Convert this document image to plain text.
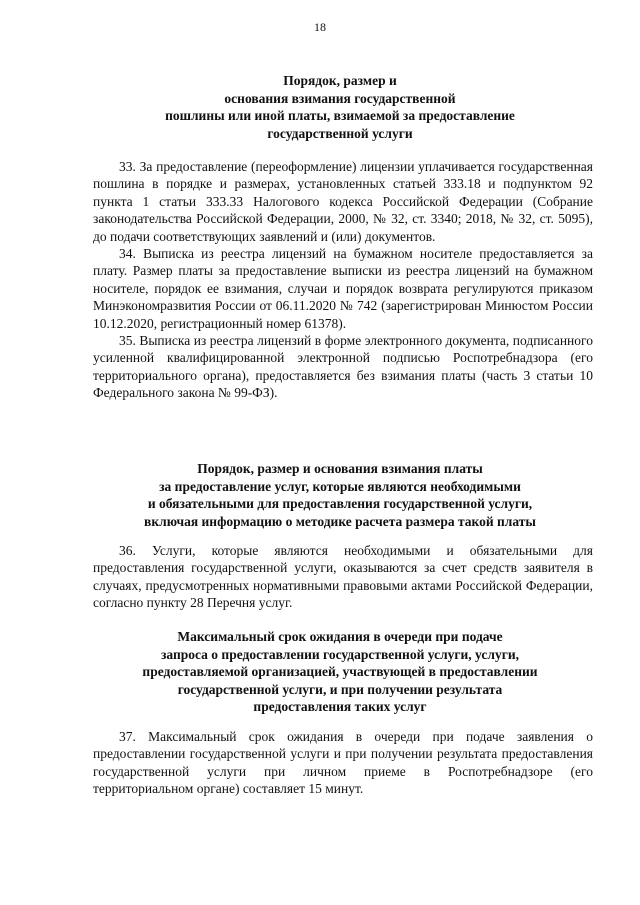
18
Порядок, размер и
основания взимания государственной
пошлины или иной платы, взимаемой за предоставление
государственной услуги

33. За предоставление (переоформление) лицензии уплачивается государственная пошлина в порядке и размерах, установленных статьей 333.18 и подпунктом 92 пункта 1 статьи 333.33 Налогового кодекса Российской Федерации (Собрание законодательства Российской Федерации, 2000, № 32, ст. 3340; 2018, № 32, ст. 5095), до подачи соответствующих заявлений и (или) документов.

34. Выписка из реестра лицензий на бумажном носителе предоставляется за плату. Размер платы за предоставление выписки из реестра лицензий на бумажном носителе, порядок ее взимания, случаи и порядок возврата регулируются приказом Минэкономразвития России от 06.11.2020 № 742 (зарегистрирован Минюстом России 10.12.2020, регистрационный номер 61378).

35. Выписка из реестра лицензий в форме электронного документа, подписанного усиленной квалифицированной электронной подписью Роспотребнадзора (его территориального органа), предоставляется без взимания платы (часть 3 статьи 10 Федерального закона № 99-ФЗ).

Порядок, размер и основания взимания платы
за предоставление услуг, которые являются необходимыми
и обязательными для предоставления государственной услуги,
включая информацию о методике расчета размера такой платы

36. Услуги, которые являются необходимыми и обязательными для предоставления государственной услуги, оказываются за счет средств заявителя в случаях, предусмотренных нормативными правовыми актами Российской Федерации, согласно пункту 28 Перечня услуг.

Максимальный срок ожидания в очереди при подаче
запроса о предоставлении государственной услуги, услуги,
предоставляемой организацией, участвующей в предоставлении
государственной услуги, и при получении результата
предоставления таких услуг

37. Максимальный срок ожидания в очереди при подаче заявления о предоставлении государственной услуги и при получении результата предоставления государственной услуги при личном приеме в Роспотребнадзоре (его территориальном органе) составляет 15 минут.
